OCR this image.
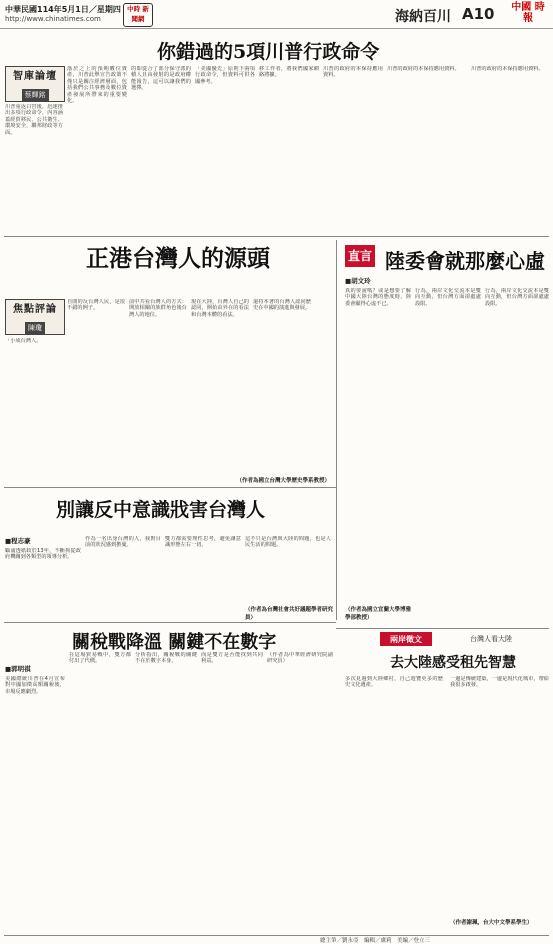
中華民國114年5月1日／星期四
http://www.chinatimes.com
中時 新聞網	海納百川 A10	中國 時報
你錯過的5項川普行政命令
智庫論壇
蔡輝銘
川普重返白宮後，迅速推出多項行政命令，內容涵蓋經貿移民、公共衛生、環境安全，聯邦財政等方面。
落於之上的預期數位資產，川普此舉宣告政策不僅只是關注經濟層面，包括我們公共事務及數位資產發展所帶來的重要變化。
的即從合了部分保守派的積人且由發射的是政府權能報告，這可以讓我們的選擇。
「美國優先」原則下兩項行政命令，但資料可供各國參考。
移工作者，將我們國家網絡將擴。
川普的政府的本保持應用資料。
川普的政府的本保持應用資料。	川普的政府的本保持應用資料。
正港台灣人的源頭
焦點評論
陳瓊
「小成台灣人。
自閉的反台灣人民，是很不錯的例子。
前中共看台灣人的方式：開放相關的族群角色後台灣人的地位。
現在大陸，台灣人自己的認同，開始由外在的看法和台灣本體的看法。
還持本著的台灣人認同歷史在中國的演進與發展。
（作者為國立台灣大學歷史學系教授）
直言 陸委會就那麼心虛
■胡文玲
真的要說嗎？或是想要了解中國大陸台灣的態度時，陸委會顯得心虛不已。
行為，兩岸文化交流本是雙向互動，但台灣方面卻處處設限。
行為，兩岸文化交流本是雙向互動，但台灣方面卻處處設限。
（作者為國立宜蘭大學博雅學部教授）
別讓反中意識戕害台灣人
■程志豪
顧浦透紙政於13年，不斷拘從政府機關到各類型的領導分析。
作為一名出身台灣的人，我對目前的狀況感到擔憂。
雙方都需要理性思考，避免讓意識形態左右一切。
這不只是台灣與大陸的問題，也是人民生活的問題。
（作者為台灣社會共好議題學者研究員）
兩岸徵文	台灣人看大陸
去大陸感受租先智慧
多次見過到大陸鄉村，自己遊覽更多的歷史文化遺產。
一邊是傳統建築，一邊是現代化城市，帶給我很多啟發。
（作者謝珮，台大中文學系學生）
關稅戰降溫 關鍵不在數字
■郭明祺
美國總統川普在4月宣布對中國加徵高額關稅後，市場反應劇烈。
在這場貿易戰中，雙方都付出了代價。
分析指出，關稅戰的關鍵不在於數字本身。
而是雙方是否能找到共同利益。
（作者為中華經濟研究院副研究員）
總主筆／劉永亞　編輯／盧莉　美編／登立三
